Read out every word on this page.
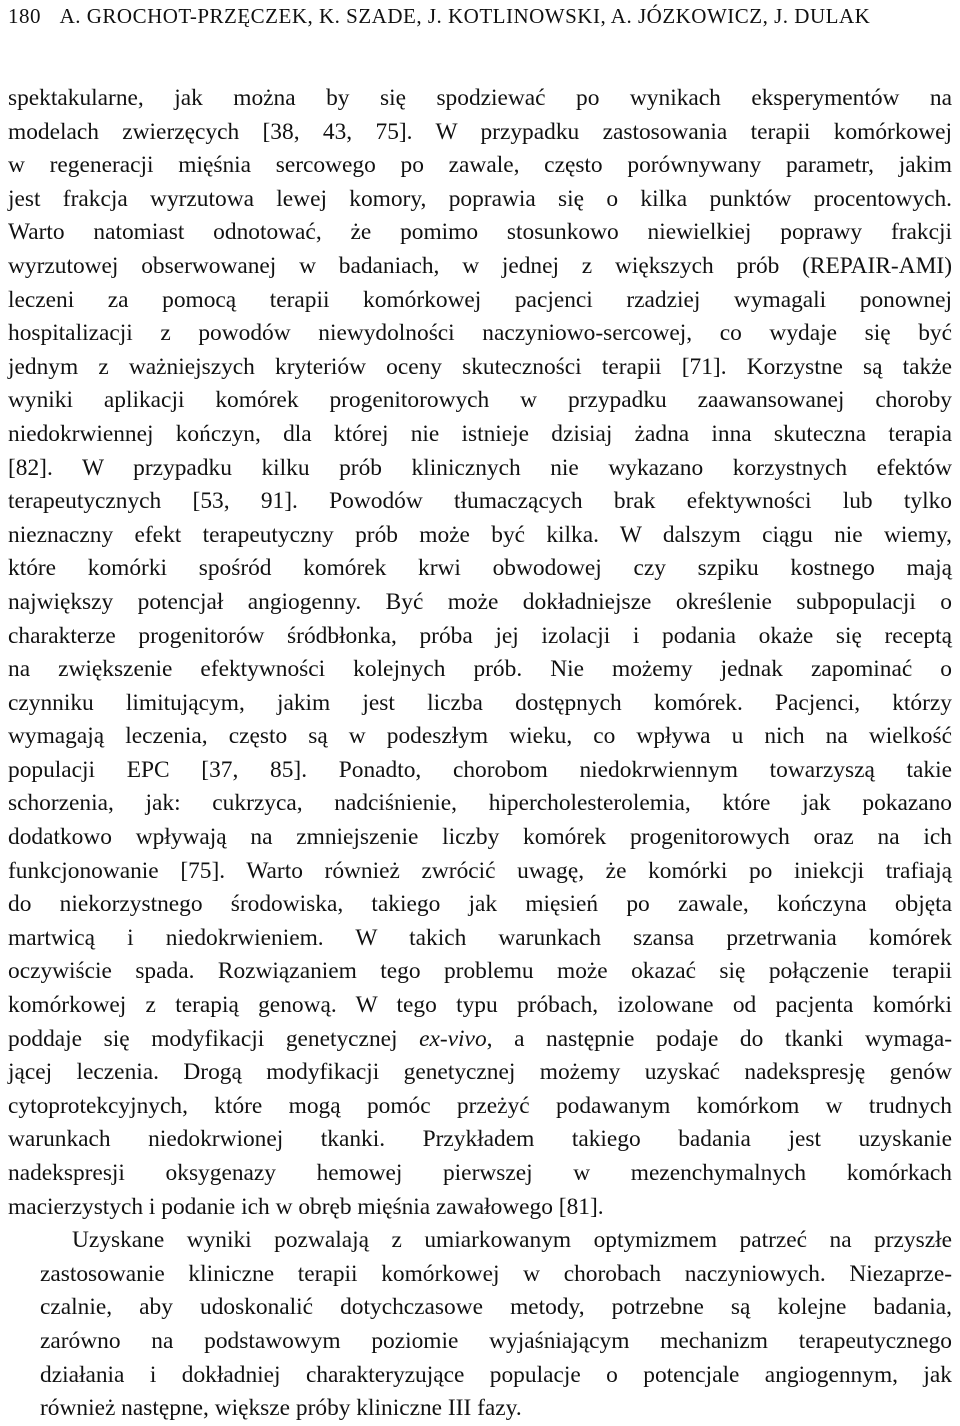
180 A. GROCHOT-PRZĘCZEK, K. SZADE, J. KOTLINOWSKI, A. JÓZKOWICZ, J. DULAK
spektakularne, jak można by się spodziewać po wynikach eksperymentów na
modelach zwierzęcych [38, 43, 75]. W przypadku zastosowania terapii komórkowej
w regeneracji mięśnia sercowego po zawale, często porównywany parametr, jakim
jest frakcja wyrzutowa lewej komory, poprawia się o kilka punktów procentowych.
Warto natomiast odnotować, że pomimo stosunkowo niewielkiej poprawy frakcji
wyrzutowej obserwowanej w badaniach, w jednej z większych prób (REPAIR-AMI)
leczeni za pomocą terapii komórkowej pacjenci rzadziej wymagali ponownej
hospitalizacji z powodów niewydolności naczyniowo-sercowej, co wydaje się być
jednym z ważniejszych kryteriów oceny skuteczności terapii [71]. Korzystne są także
wyniki aplikacji komórek progenitorowych w przypadku zaawansowanej choroby
niedokrwiennej kończyn, dla której nie istnieje dzisiaj żadna inna skuteczna terapia
[82]. W przypadku kilku prób klinicznych nie wykazano korzystnych efektów
terapeutycznych [53, 91]. Powodów tłumaczących brak efektywności lub tylko
nieznaczny efekt terapeutyczny prób może być kilka. W dalszym ciągu nie wiemy,
które komórki spośród komórek krwi obwodowej czy szpiku kostnego mają
największy potencjał angiogenny. Być może dokładniejsze określenie subpopulacji o
charakterze progenitorów śródbłonka, próba jej izolacji i podania okaże się receptą
na zwiększenie efektywności kolejnych prób. Nie możemy jednak zapominać o
czynniku limitującym, jakim jest liczba dostępnych komórek. Pacjenci, którzy
wymagają leczenia, często są w podeszłym wieku, co wpływa u nich na wielkość
populacji EPC [37, 85]. Ponadto, chorobom niedokrwiennym towarzyszą takie
schorzenia, jak: cukrzyca, nadciśnienie, hipercholesterolemia, które jak pokazano
dodatkowo wpływają na zmniejszenie liczby komórek progenitorowych oraz na ich
funkcjonowanie [75]. Warto również zwrócić uwagę, że komórki po iniekcji trafiają
do niekorzystnego środowiska, takiego jak mięsień po zawale, kończyna objęta
martwicą i niedokrwieniem. W takich warunkach szansa przetrwania komórek
oczywiście spada. Rozwiązaniem tego problemu może okazać się połączenie terapii
komórkowej z terapią genową. W tego typu próbach, izolowane od pacjenta komórki
poddaje się modyfikacji genetycznej ex-vivo, a następnie podaje do tkanki wymaga-
jącej leczenia. Drogą modyfikacji genetycznej możemy uzyskać nadekspresję genów
cytoprotekcyjnych, które mogą pomóc przeżyć podawanym komórkom w trudnych
warunkach niedokrwionej tkanki. Przykładem takiego badania jest uzyskanie
nadekspresji oksygenazy hemowej pierwszej w mezenchymalnych komórkach
macierzystych i podanie ich w obręb mięśnia zawałowego [81].
Uzyskane wyniki pozwalają z umiarkowanym optymizmem patrzeć na przyszłe
zastosowanie kliniczne terapii komórkowej w chorobach naczyniowych. Niezaprze-
czalnie, aby udoskonalić dotychczasowe metody, potrzebne są kolejne badania,
zarówno na podstawowym poziomie wyjaśniającym mechanizm terapeutycznego
działania i dokładniej charakteryzujące populacje o potencjale angiogennym, jak
również następne, większe próby kliniczne III fazy.
